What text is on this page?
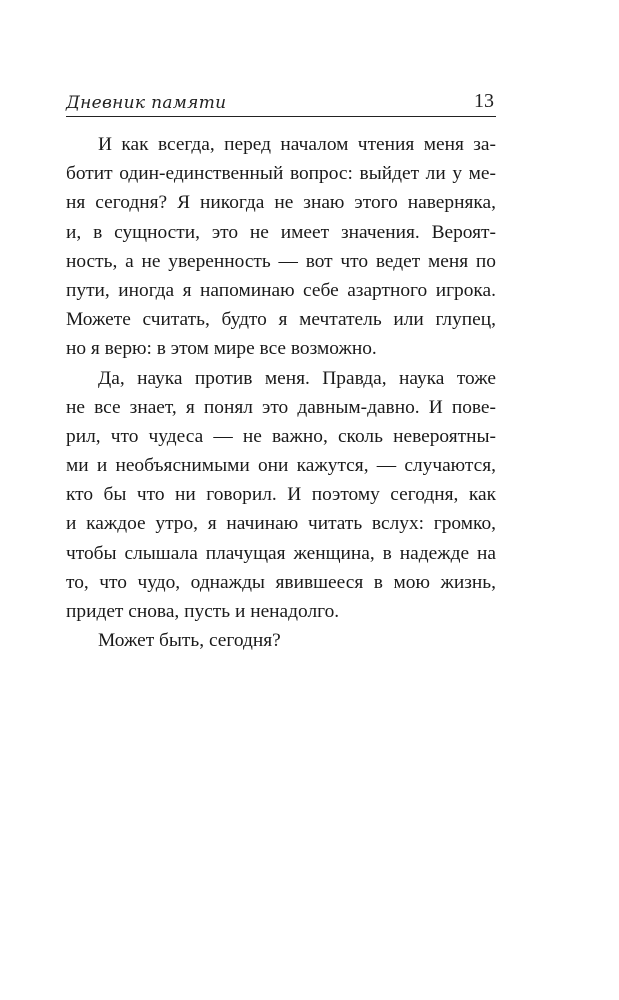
Дневник памяти	13
И как всегда, перед началом чтения меня за-
ботит один-единственный вопрос: выйдет ли у ме-
ня сегодня? Я никогда не знаю этого наверняка,
и, в сущности, это не имеет значения. Вероят-
ность, а не уверенность — вот что ведет меня по
пути, иногда я напоминаю себе азартного игрока.
Можете считать, будто я мечтатель или глупец,
но я верю: в этом мире все возможно.
Да, наука против меня. Правда, наука тоже
не все знает, я понял это давным-давно. И пове-
рил, что чудеса — не важно, сколь невероятны-
ми и необъяснимыми они кажутся, — случаются,
кто бы что ни говорил. И поэтому сегодня, как
и каждое утро, я начинаю читать вслух: громко,
чтобы слышала плачущая женщина, в надежде на
то, что чудо, однажды явившееся в мою жизнь,
придет снова, пусть и ненадолго.
Может быть, сегодня?
